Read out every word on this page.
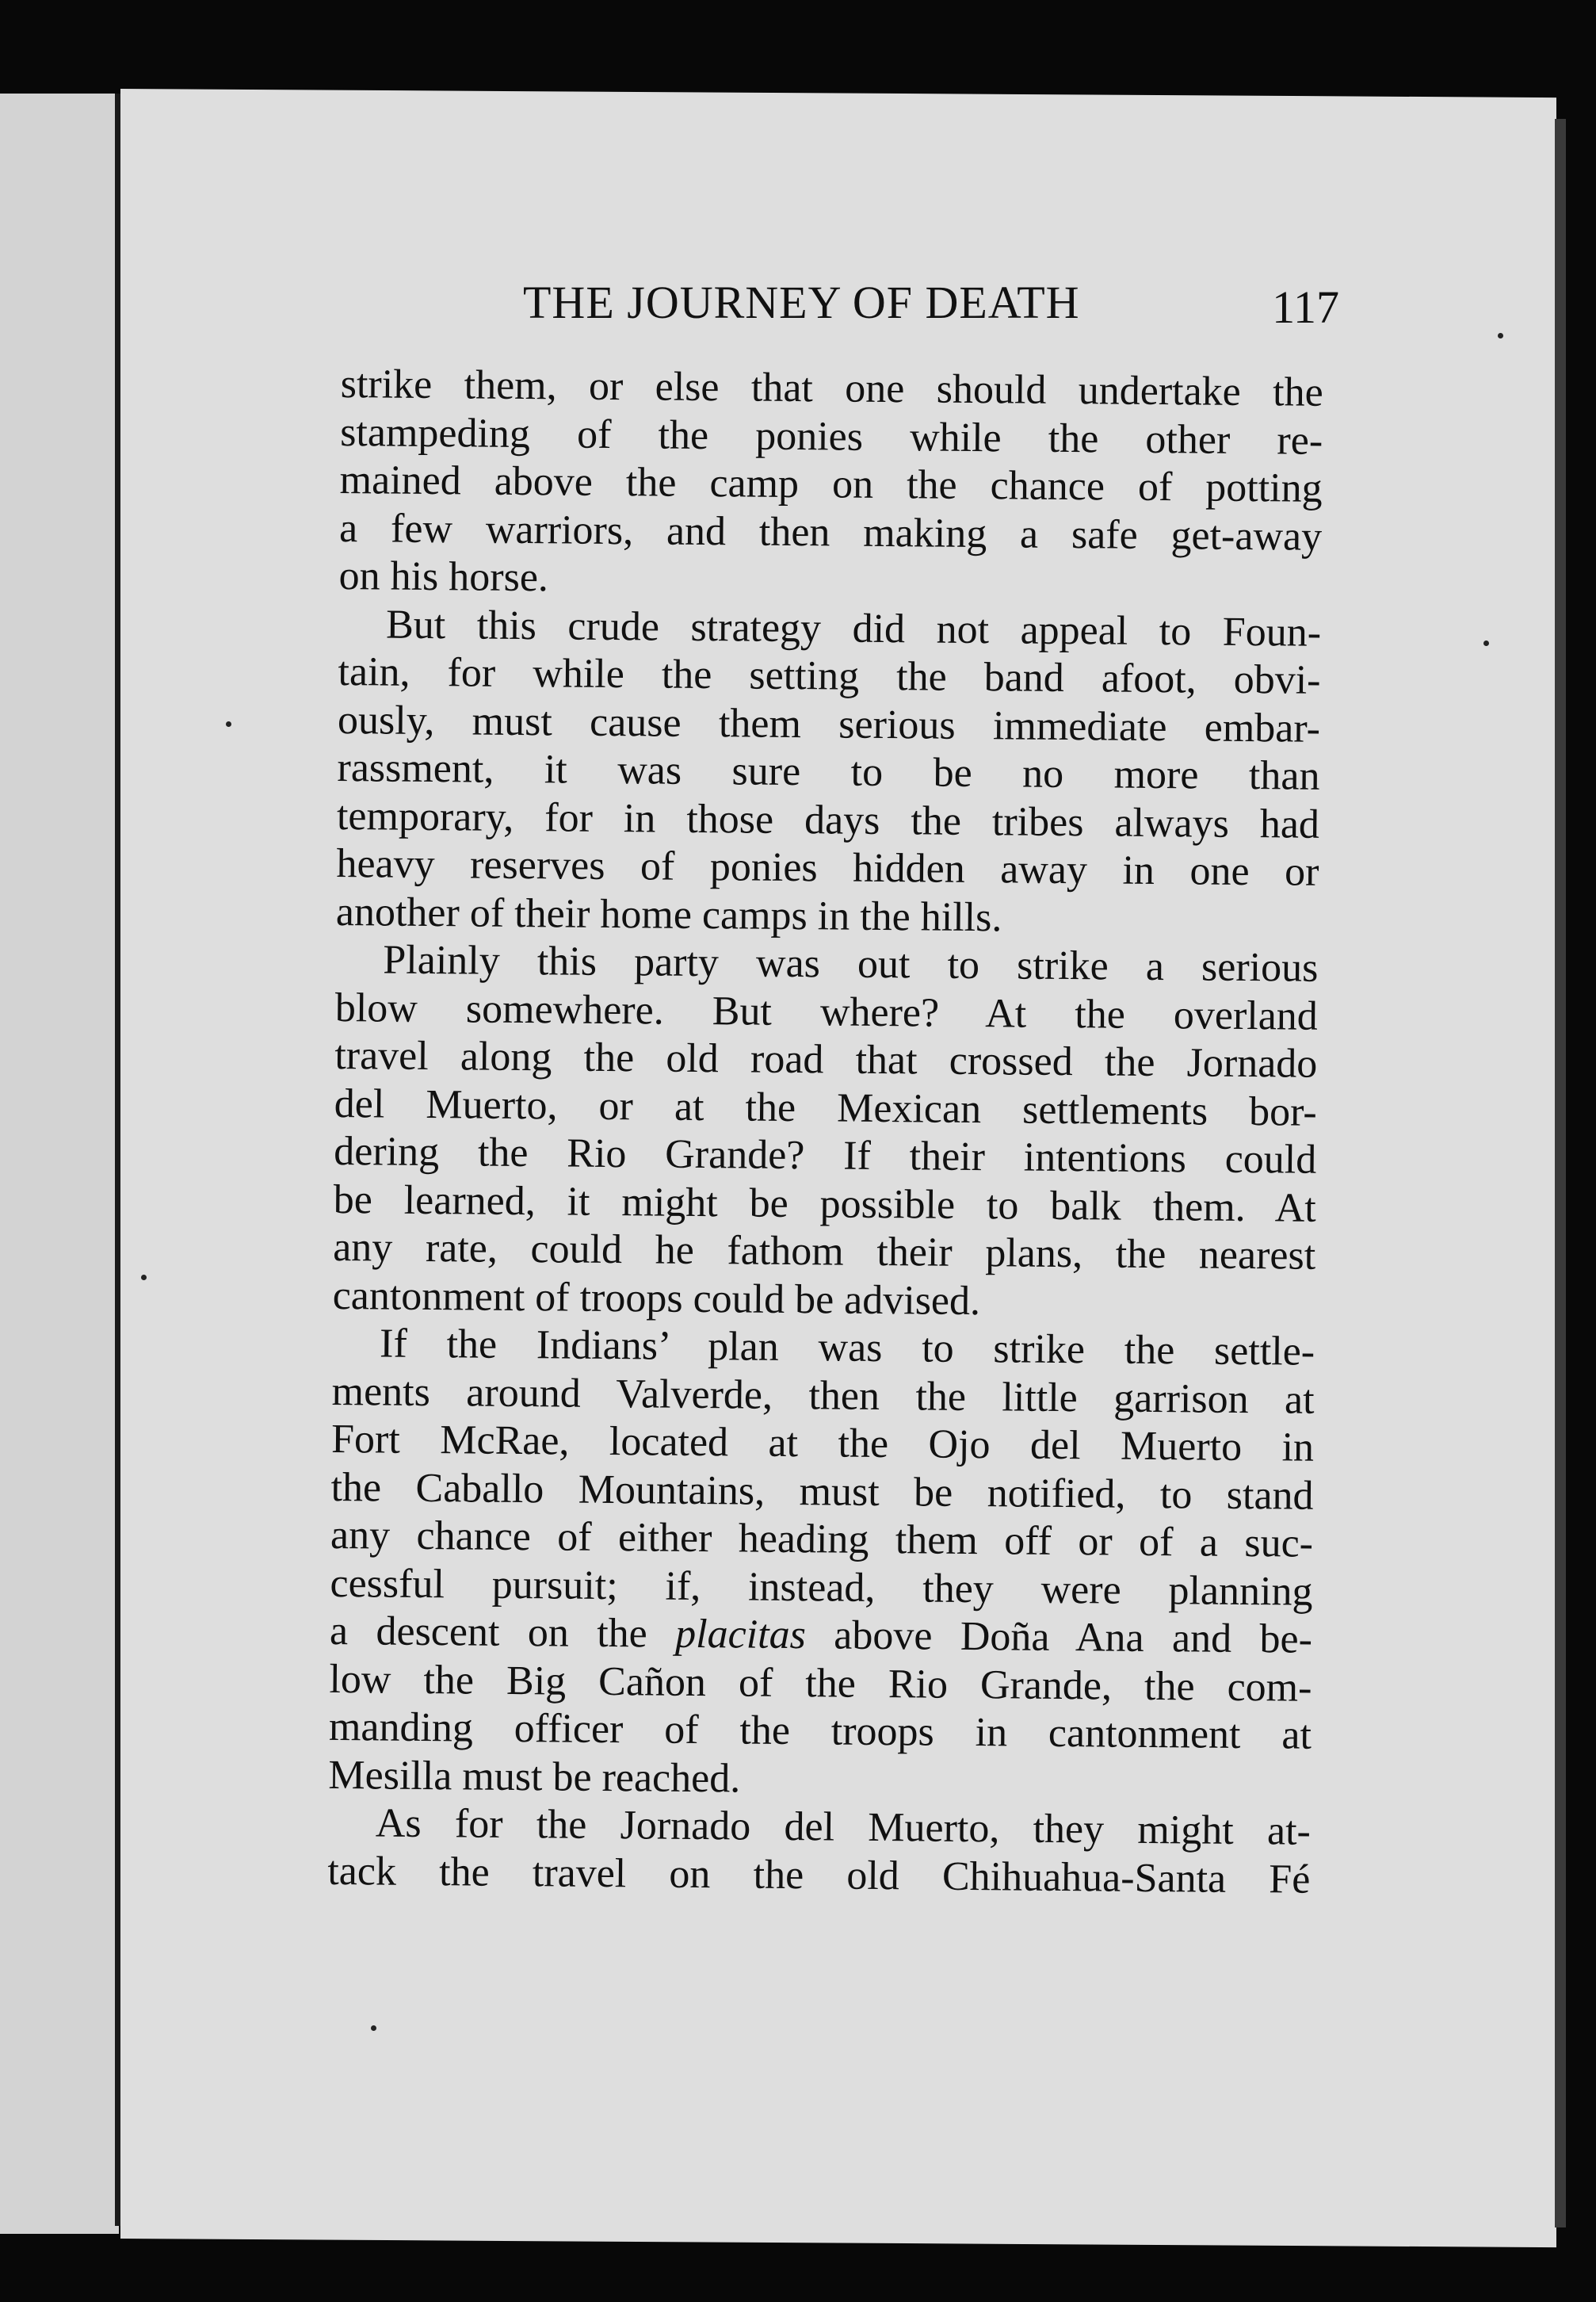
THE JOURNEY OF DEATH	117
strike them, or else that one should undertake the
stampeding of the ponies while the other re-
mained above the camp on the chance of potting
a few warriors, and then making a safe get-away
on his horse.
But this crude strategy did not appeal to Foun-
tain, for while the setting the band afoot, obvi-
ously, must cause them serious immediate embar-
rassment, it was sure to be no more than
temporary, for in those days the tribes always had
heavy reserves of ponies hidden away in one or
another of their home camps in the hills.
Plainly this party was out to strike a serious
blow somewhere. But where? At the overland
travel along the old road that crossed the Jornado
del Muerto, or at the Mexican settlements bor-
dering the Rio Grande? If their intentions could
be learned, it might be possible to balk them. At
any rate, could he fathom their plans, the nearest
cantonment of troops could be advised.
If the Indians’ plan was to strike the settle-
ments around Valverde, then the little garrison at
Fort McRae, located at the Ojo del Muerto in
the Caballo Mountains, must be notified, to stand
any chance of either heading them off or of a suc-
cessful pursuit; if, instead, they were planning
a descent on the placitas above Doña Ana and be-
low the Big Cañon of the Rio Grande, the com-
manding officer of the troops in cantonment at
Mesilla must be reached.
As for the Jornado del Muerto, they might at-
tack the travel on the old Chihuahua-Santa Fé
